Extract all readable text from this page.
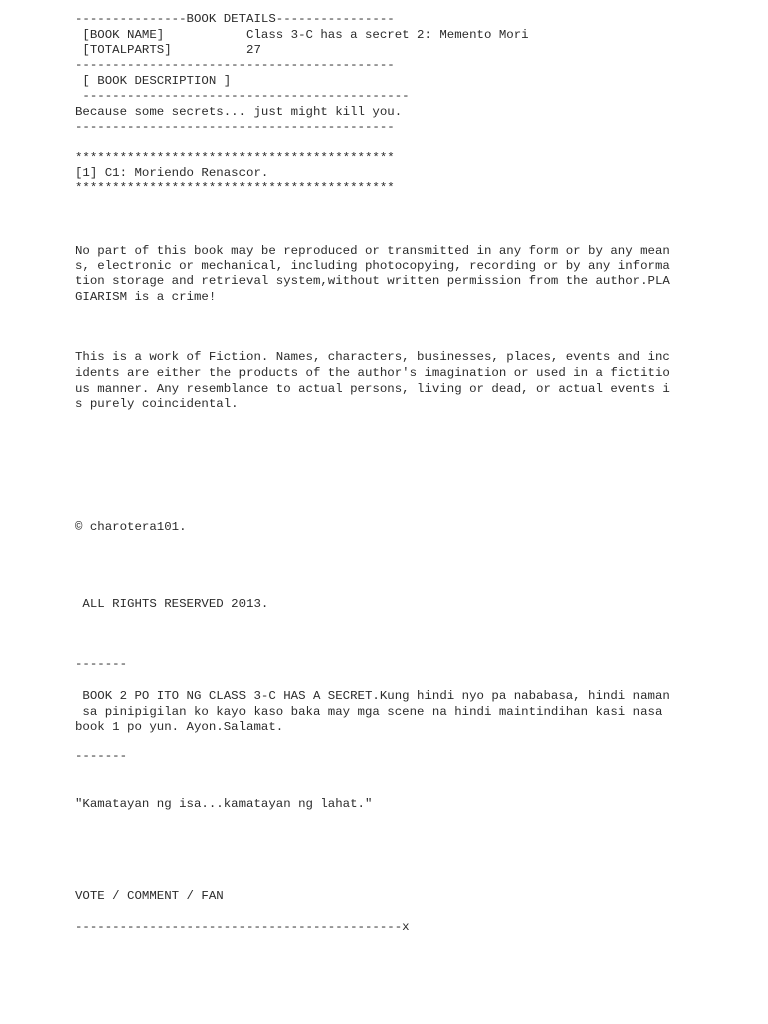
---------------BOOK DETAILS----------------
[BOOK NAME]           Class 3-C has a secret 2: Memento Mori
[TOTALPARTS]          27
-------------------------------------------
[ BOOK DESCRIPTION ]
--------------------------------------------
Because some secrets... just might kill you.
-------------------------------------------
*******************************************
[1] C1: Moriendo Renascor.
*******************************************
No part of this book may be reproduced or transmitted in any form or by any mean
s, electronic or mechanical, including photocopying, recording or by any informa
tion storage and retrieval system,without written permission from the author.PLA
GIARISM is a crime!
This is a work of Fiction. Names, characters, businesses, places, events and inc
idents are either the products of the author's imagination or used in a fictitio
us manner. Any resemblance to actual persons, living or dead, or actual events i
s purely coincidental.
© charotera101.
ALL RIGHTS RESERVED 2013.
-------
BOOK 2 PO ITO NG CLASS 3-C HAS A SECRET.Kung hindi nyo pa nababasa, hindi naman
sa pinipigilan ko kayo kaso baka may mga scene na hindi maintindihan kasi nasa
book 1 po yun. Ayon.Salamat.
-------
"Kamatayan ng isa...kamatayan ng lahat."
VOTE / COMMENT / FAN
--------------------------------------------x
